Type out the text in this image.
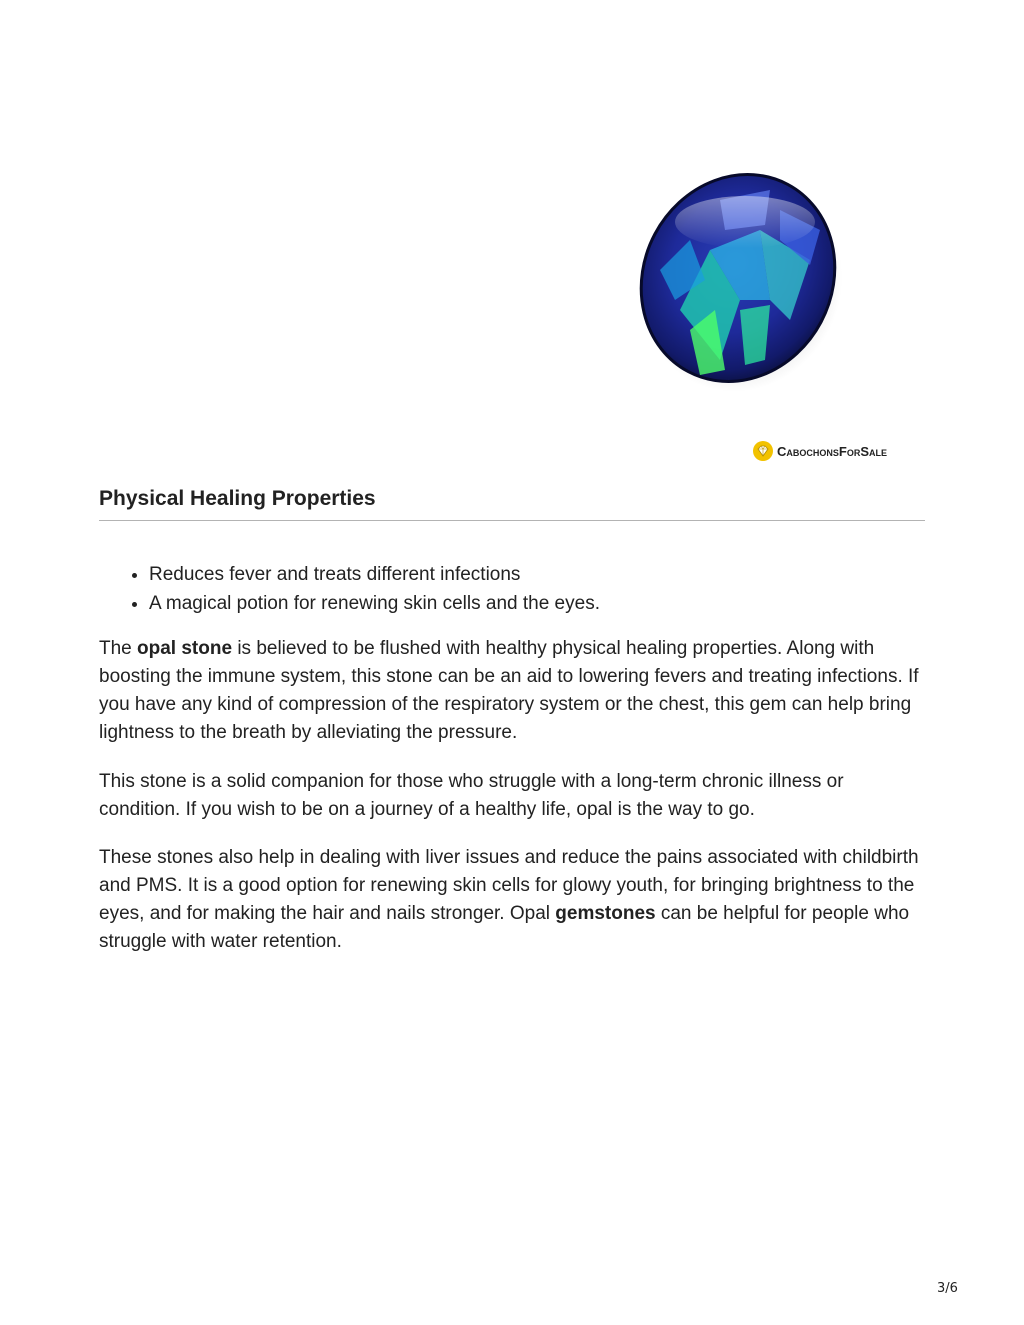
CabochonsForSale
Physical Healing Properties
• Reduces fever and treats different infections
• A magical potion for renewing skin cells and the eyes.

The opal stone is believed to be flushed with healthy physical healing properties. Along with boosting the immune system, this stone can be an aid to lowering fevers and treating infections. If you have any kind of compression of the respiratory system or the chest, this gem can help bring lightness to the breath by alleviating the pressure.

This stone is a solid companion for those who struggle with a long-term chronic illness or condition. If you wish to be on a journey of a healthy life, opal is the way to go.

These stones also help in dealing with liver issues and reduce the pains associated with childbirth and PMS. It is a good option for renewing skin cells for glowy youth, for bringing brightness to the eyes, and for making the hair and nails stronger. Opal gemstones can be helpful for people who struggle with water retention.

3/6
